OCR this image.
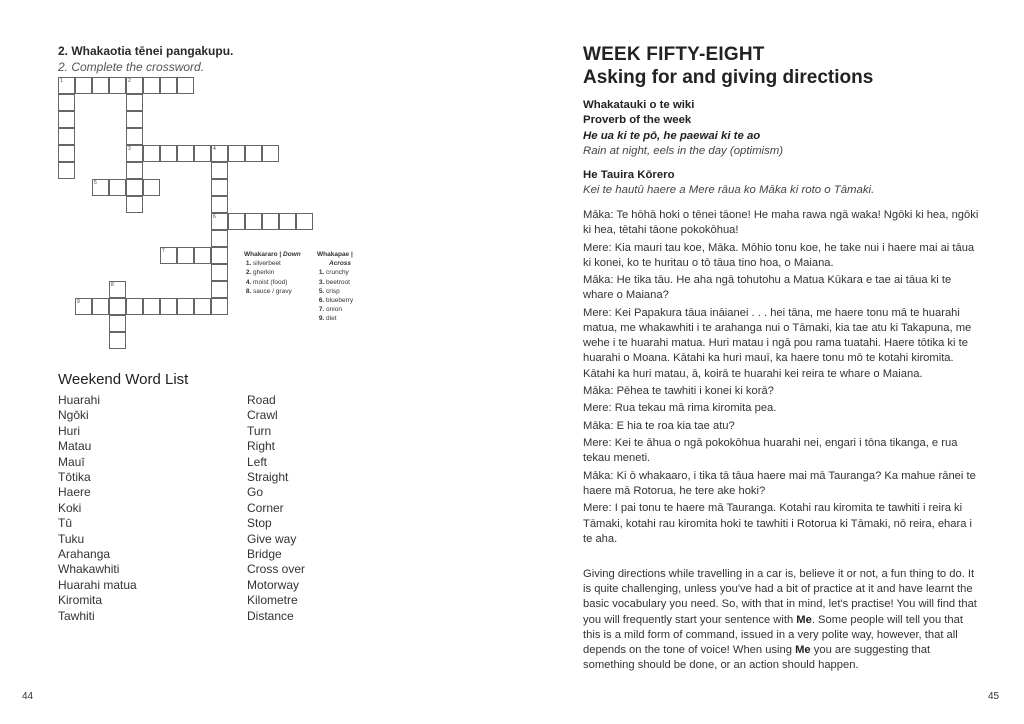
2. Whakaotia tēnei pangakupu.
2. Complete the crossword.
1	2
3	4
5
6
7
8
9
Whakararo | Down
1. silverbeet
2. gherkin
4. moist (food)
8. sauce / gravy
Whakapae |
Across
1. crunchy
3. beetroot
5. crisp
6. blueberry
7. onion
9. diet
Weekend Word List
Huarahi
Ngōki
Huri
Matau
Mauī
Tōtika
Haere
Koki
Tū
Tuku
Arahanga
Whakawhiti
Huarahi matua
Kiromita
Tawhiti
Road
Crawl
Turn
Right
Left
Straight
Go
Corner
Stop
Give way
Bridge
Cross over
Motorway
Kilometre
Distance
44
WEEK FIFTY-EIGHT
Asking for and giving directions
Whakatauki o te wiki
Proverb of the week
He ua ki te pō, he paewai ki te ao
Rain at night, eels in the day (optimism)
He Tauira Kōrero
Kei te hautū haere a Mere rāua ko Māka ki roto o Tāmaki.

Māka: Te hōhā hoki o tēnei tāone! He maha rawa ngā waka! Ngōki ki hea, ngōki ki hea, tētahi tāone pokokōhua!

Mere: Kia mauri tau koe, Māka. Mōhio tonu koe, he take nui i haere mai ai tāua ki konei, ko te huritau o tō tāua tino hoa, o Maiana.

Māka: He tika tāu. He aha ngā tohutohu a Matua Kūkara e tae ai tāua ki te whare o Maiana?

Mere: Kei Papakura tāua ināianei . . . hei tāna, me haere tonu mā te huarahi matua, me whakawhiti i te arahanga nui o Tāmaki, kia tae atu ki Takapuna, me wehe i te huarahi matua. Huri matau i ngā pou rama tuatahi. Haere tōtika ki te huarahi o Moana. Kātahi ka huri mauī, ka haere tonu mō te kotahi kiromita. Kātahi ka huri matau, ā, koirā te huarahi kei reira te whare o Maiana.

Māka: Pēhea te tawhiti i konei ki korā?

Mere: Rua tekau mā rima kiromita pea.

Māka: E hia te roa kia tae atu?

Mere: Kei te āhua o ngā pokokōhua huarahi nei, engari i tōna tikanga, e rua tekau meneti.

Māka: Ki ō whakaaro, i tika tā tāua haere mai mā Tauranga? Ka mahue rānei te haere mā Rotorua, he tere ake hoki?

Mere: I pai tonu te haere mā Tauranga. Kotahi rau kiromita te tawhiti i reira ki Tāmaki, kotahi rau kiromita hoki te tawhiti i Rotorua ki Tāmaki, nō reira, ehara i te aha.

Giving directions while travelling in a car is, believe it or not, a fun thing to do. It is quite challenging, unless you've had a bit of practice at it and have learnt the basic vocabulary you need. So, with that in mind, let's practise! You will find that you will frequently start your sentence with Me. Some people will tell you that this is a mild form of command, issued in a very polite way, however, that all depends on the tone of voice! When using Me you are suggesting that something should be done, or an action should happen.
45
